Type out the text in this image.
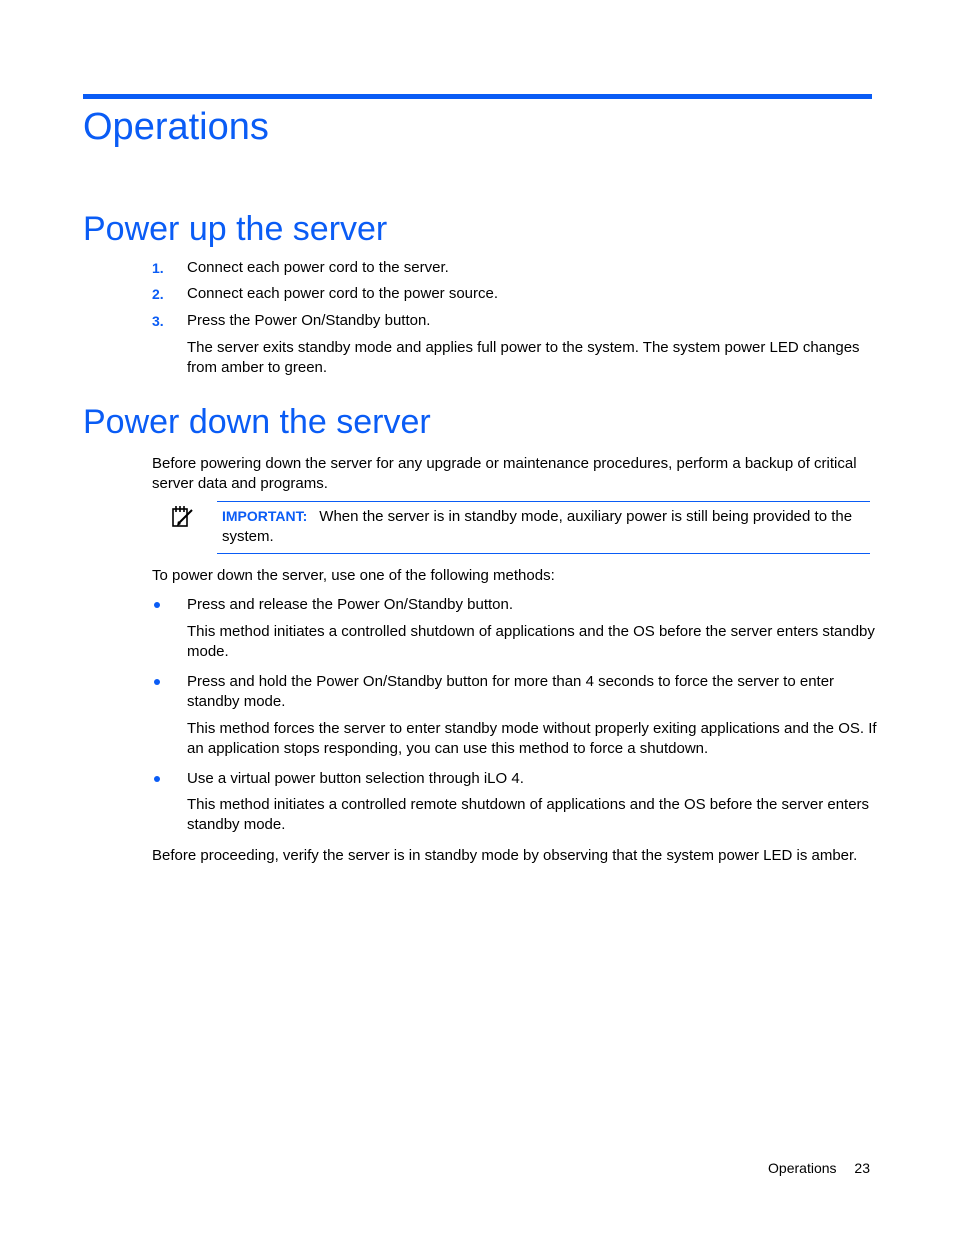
Operations
Power up the server
1. Connect each power cord to the server.
2. Connect each power cord to the power source.
3. Press the Power On/Standby button.
The server exits standby mode and applies full power to the system. The system power LED changes from amber to green.
Power down the server
Before powering down the server for any upgrade or maintenance procedures, perform a backup of critical server data and programs.
IMPORTANT: When the server is in standby mode, auxiliary power is still being provided to the system.
To power down the server, use one of the following methods:
Press and release the Power On/Standby button.
This method initiates a controlled shutdown of applications and the OS before the server enters standby mode.
Press and hold the Power On/Standby button for more than 4 seconds to force the server to enter standby mode.
This method forces the server to enter standby mode without properly exiting applications and the OS. If an application stops responding, you can use this method to force a shutdown.
Use a virtual power button selection through iLO 4.
This method initiates a controlled remote shutdown of applications and the OS before the server enters standby mode.
Before proceeding, verify the server is in standby mode by observing that the system power LED is amber.
Operations 23
